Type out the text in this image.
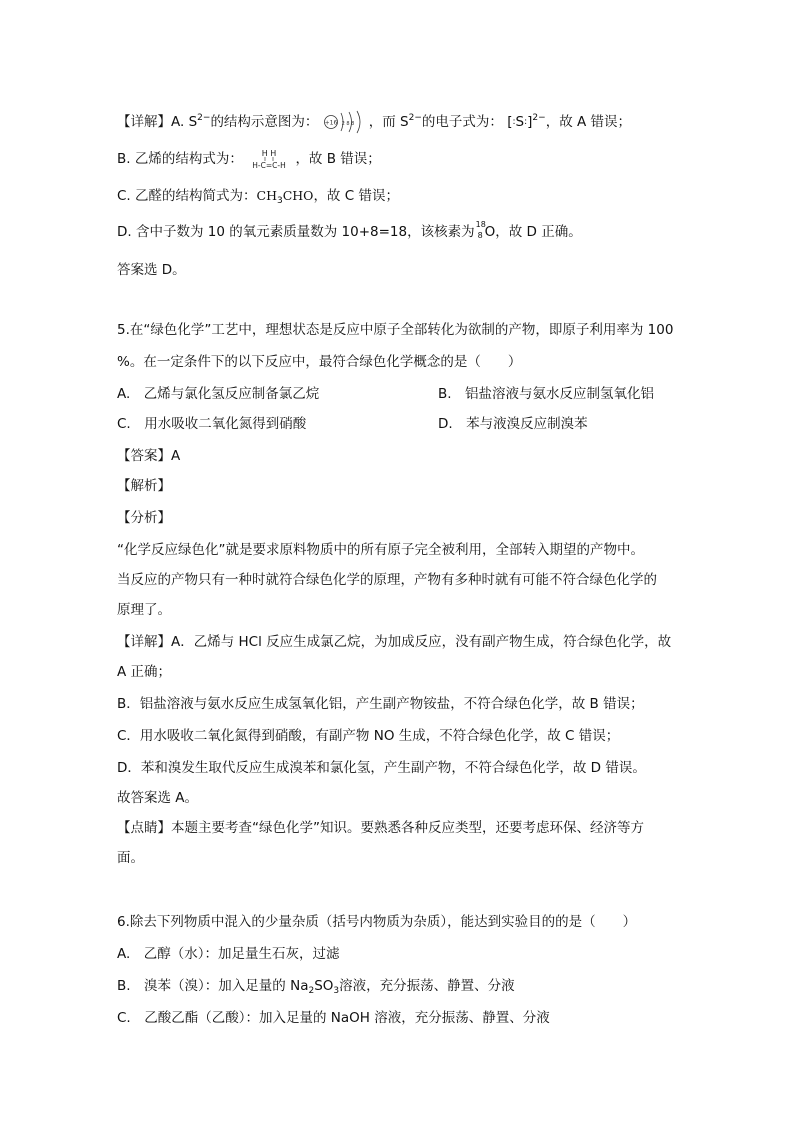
【详解】A. $S^{2-}$的结构示意图为： +16 2 8 8 ，而 $S^{2-}$的电子式为： [:S:]$^{2-}$，故 A 错误；
B. 乙烯的结构式为： H H
H-C=C-H ，故 B 错误；
C. 乙醛的结构简式为：$CH_3CHO$，故 C 错误；
D. 含中子数为 10 的氧元素质量数为 10+8=18，该核素为 18
8 O，故 D 正确。
答案选 D。
5.在“绿色化学”工艺中，理想状态是反应中原子全部转化为欲制的产物，即原子利用率为 100
%。在一定条件下的以下反应中，最符合绿色化学概念的是（　　）
A.　乙烯与氯化氢反应制备氯乙烷	B.　铝盐溶液与氨水反应制氢氧化铝
C.　用水吸收二氧化氮得到硝酸	D.　苯与液溴反应制溴苯
【答案】A
【解析】
【分析】
“化学反应绿色化”就是要求原料物质中的所有原子完全被利用，全部转入期望的产物中。
当反应的产物只有一种时就符合绿色化学的原理，产物有多种时就有可能不符合绿色化学的
原理了。
【详解】A．乙烯与 HCl 反应生成氯乙烷，为加成反应，没有副产物生成，符合绿色化学，故
A 正确；
B．铝盐溶液与氨水反应生成氢氧化铝，产生副产物铵盐，不符合绿色化学，故 B 错误；
C．用水吸收二氧化氮得到硝酸，有副产物 NO 生成，不符合绿色化学，故 C 错误；
D．苯和溴发生取代反应生成溴苯和氯化氢，产生副产物，不符合绿色化学，故 D 错误。
故答案选 A。
【点睛】本题主要考查“绿色化学”知识。要熟悉各种反应类型，还要考虑环保、经济等方
面。
6.除去下列物质中混入的少量杂质（括号内物质为杂质），能达到实验目的的是（　　）
A.　乙醇（水）：加足量生石灰，过滤
B.　溴苯（溴）：加入足量的 $Na_2SO_3$溶液，充分振荡、静置、分液
C.　乙酸乙酯（乙酸）：加入足量的 NaOH 溶液，充分振荡、静置、分液
